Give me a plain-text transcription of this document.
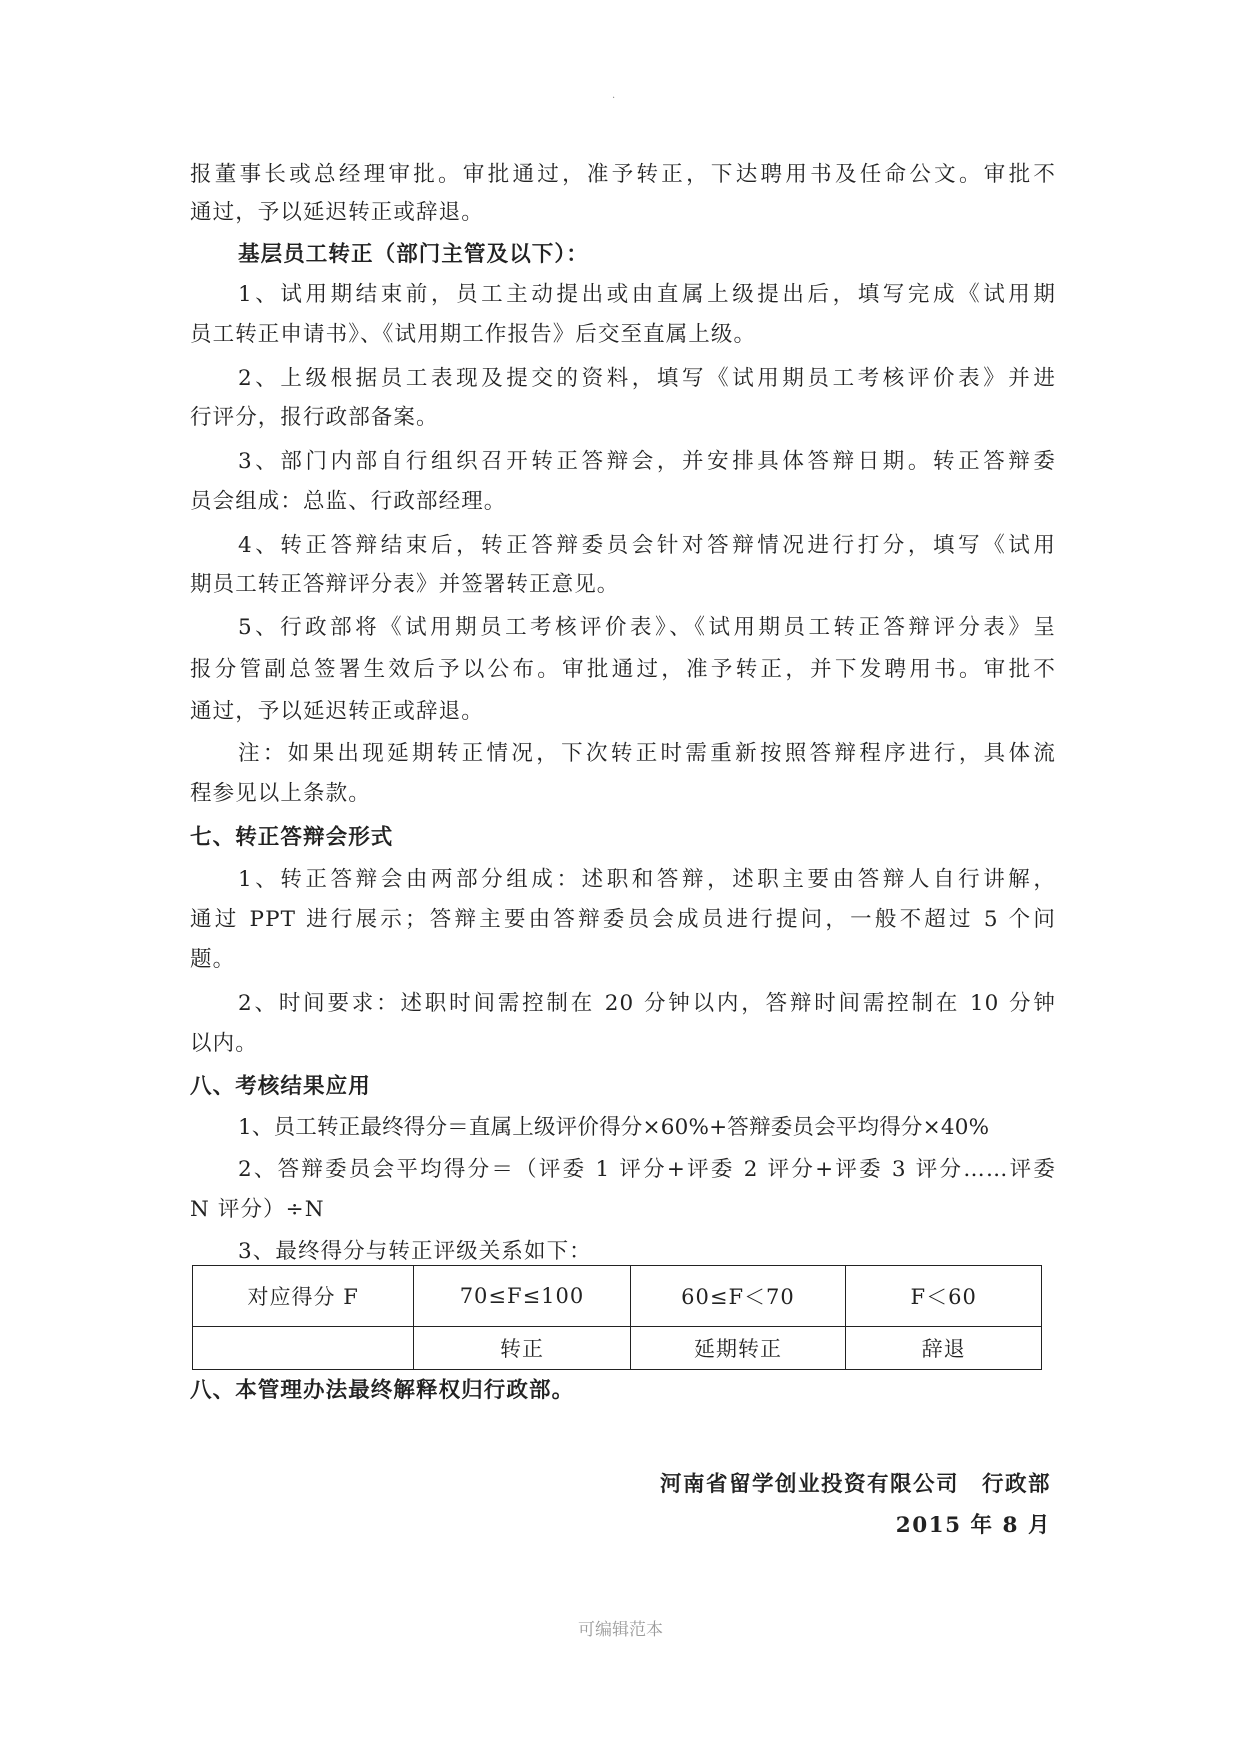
.
报董事长或总经理审批。审批通过，准予转正，下达聘用书及任命公文。审批不
通过，予以延迟转正或辞退。
基层员工转正（部门主管及以下）：
1、试用期结束前，员工主动提出或由直属上级提出后，填写完成《试用期
员工转正申请书》、《试用期工作报告》后交至直属上级。
2、上级根据员工表现及提交的资料，填写《试用期员工考核评价表》并进
行评分，报行政部备案。
3、部门内部自行组织召开转正答辩会，并安排具体答辩日期。转正答辩委
员会组成：总监、行政部经理。
4、转正答辩结束后，转正答辩委员会针对答辩情况进行打分，填写《试用
期员工转正答辩评分表》并签署转正意见。
5、行政部将《试用期员工考核评价表》、《试用期员工转正答辩评分表》呈
报分管副总签署生效后予以公布。审批通过，准予转正，并下发聘用书。审批不
通过，予以延迟转正或辞退。
注：如果出现延期转正情况，下次转正时需重新按照答辩程序进行，具体流
程参见以上条款。
七、转正答辩会形式
1、转正答辩会由两部分组成：述职和答辩，述职主要由答辩人自行讲解，
通过 PPT 进行展示；答辩主要由答辩委员会成员进行提问，一般不超过 5 个问
题。
2、时间要求：述职时间需控制在 20 分钟以内，答辩时间需控制在 10 分钟
以内。
八、考核结果应用
1、员工转正最终得分＝直属上级评价得分×60%+答辩委员会平均得分×40%
2、答辩委员会平均得分＝（评委 1 评分+评委 2 评分+评委 3 评分……评委
N 评分）÷N
3、最终得分与转正评级关系如下：
八、本管理办法最终解释权归行政部。
对应得分 F	70≤F≤100	60≤F＜70	F＜60
	转正	延期转正	辞退
河南省留学创业投资有限公司　行政部
2015 年 8 月
可编辑范本
